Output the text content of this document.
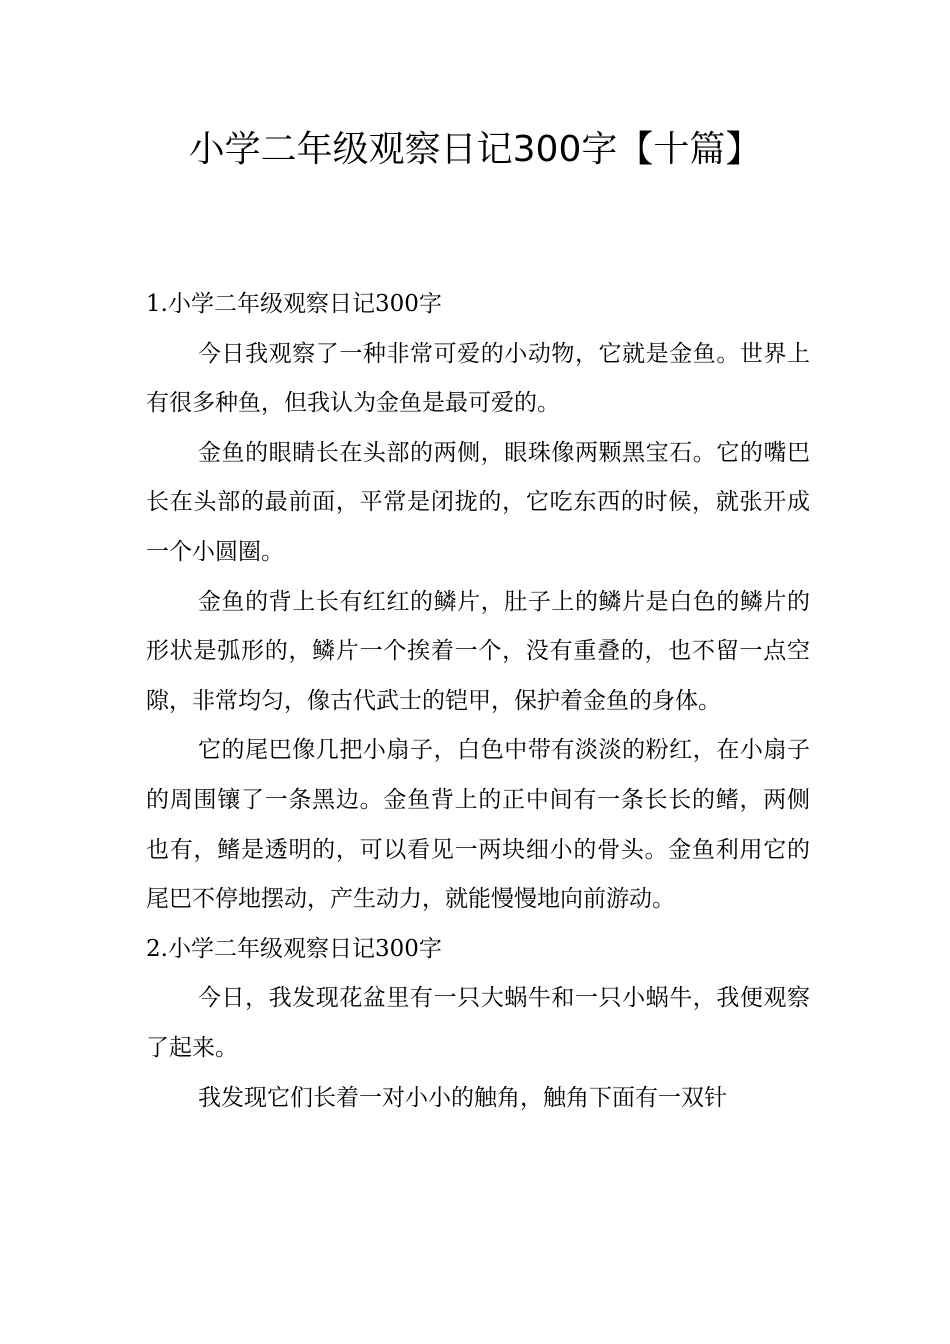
小学二年级观察日记300字【十篇】

1.小学二年级观察日记300字

今日我观察了一种非常可爱的小动物，它就是金鱼。世界上有很多种鱼，但我认为金鱼是最可爱的。

金鱼的眼睛长在头部的两侧，眼珠像两颗黑宝石。它的嘴巴长在头部的最前面，平常是闭拢的，它吃东西的时候，就张开成一个小圆圈。

金鱼的背上长有红红的鳞片，肚子上的鳞片是白色的鳞片的形状是弧形的，鳞片一个挨着一个，没有重叠的，也不留一点空隙，非常均匀，像古代武士的铠甲，保护着金鱼的身体。

它的尾巴像几把小扇子，白色中带有淡淡的粉红，在小扇子的周围镶了一条黑边。金鱼背上的正中间有一条长长的鳍，两侧也有，鳍是透明的，可以看见一两块细小的骨头。金鱼利用它的尾巴不停地摆动，产生动力，就能慢慢地向前游动。

2.小学二年级观察日记300字

今日，我发现花盆里有一只大蜗牛和一只小蜗牛，我便观察了起来。

我发现它们长着一对小小的触角，触角下面有一双针
